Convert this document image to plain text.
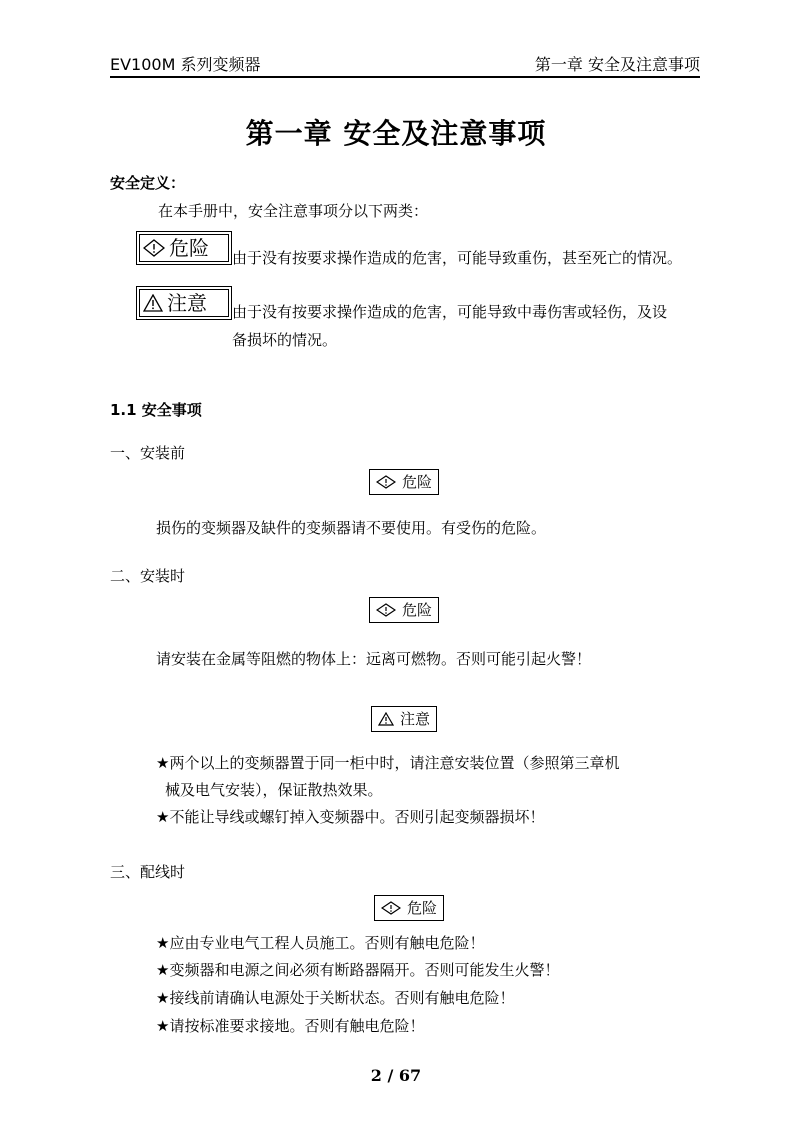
EV100M 系列变频器	第一章 安全及注意事项
第一章 安全及注意事项
安全定义：
在本手册中，安全注意事项分以下两类：
危险 由于没有按要求操作造成的危害，可能导致重伤，甚至死亡的情况。
注意 由于没有按要求操作造成的危害，可能导致中毒伤害或轻伤，及设
备损坏的情况。
1.1 安全事项
一、安装前
危险
损伤的变频器及缺件的变频器请不要使用。有受伤的危险。
二、安装时
危险
请安装在金属等阻燃的物体上：远离可燃物。否则可能引起火警！
注意
★两个以上的变频器置于同一柜中时，请注意安装位置（参照第三章机
械及电气安装），保证散热效果。
★不能让导线或螺钉掉入变频器中。否则引起变频器损坏！
三、配线时
危险
★应由专业电气工程人员施工。否则有触电危险！
★变频器和电源之间必须有断路器隔开。否则可能发生火警！
★接线前请确认电源处于关断状态。否则有触电危险！
★请按标准要求接地。否则有触电危险！
2 / 67
